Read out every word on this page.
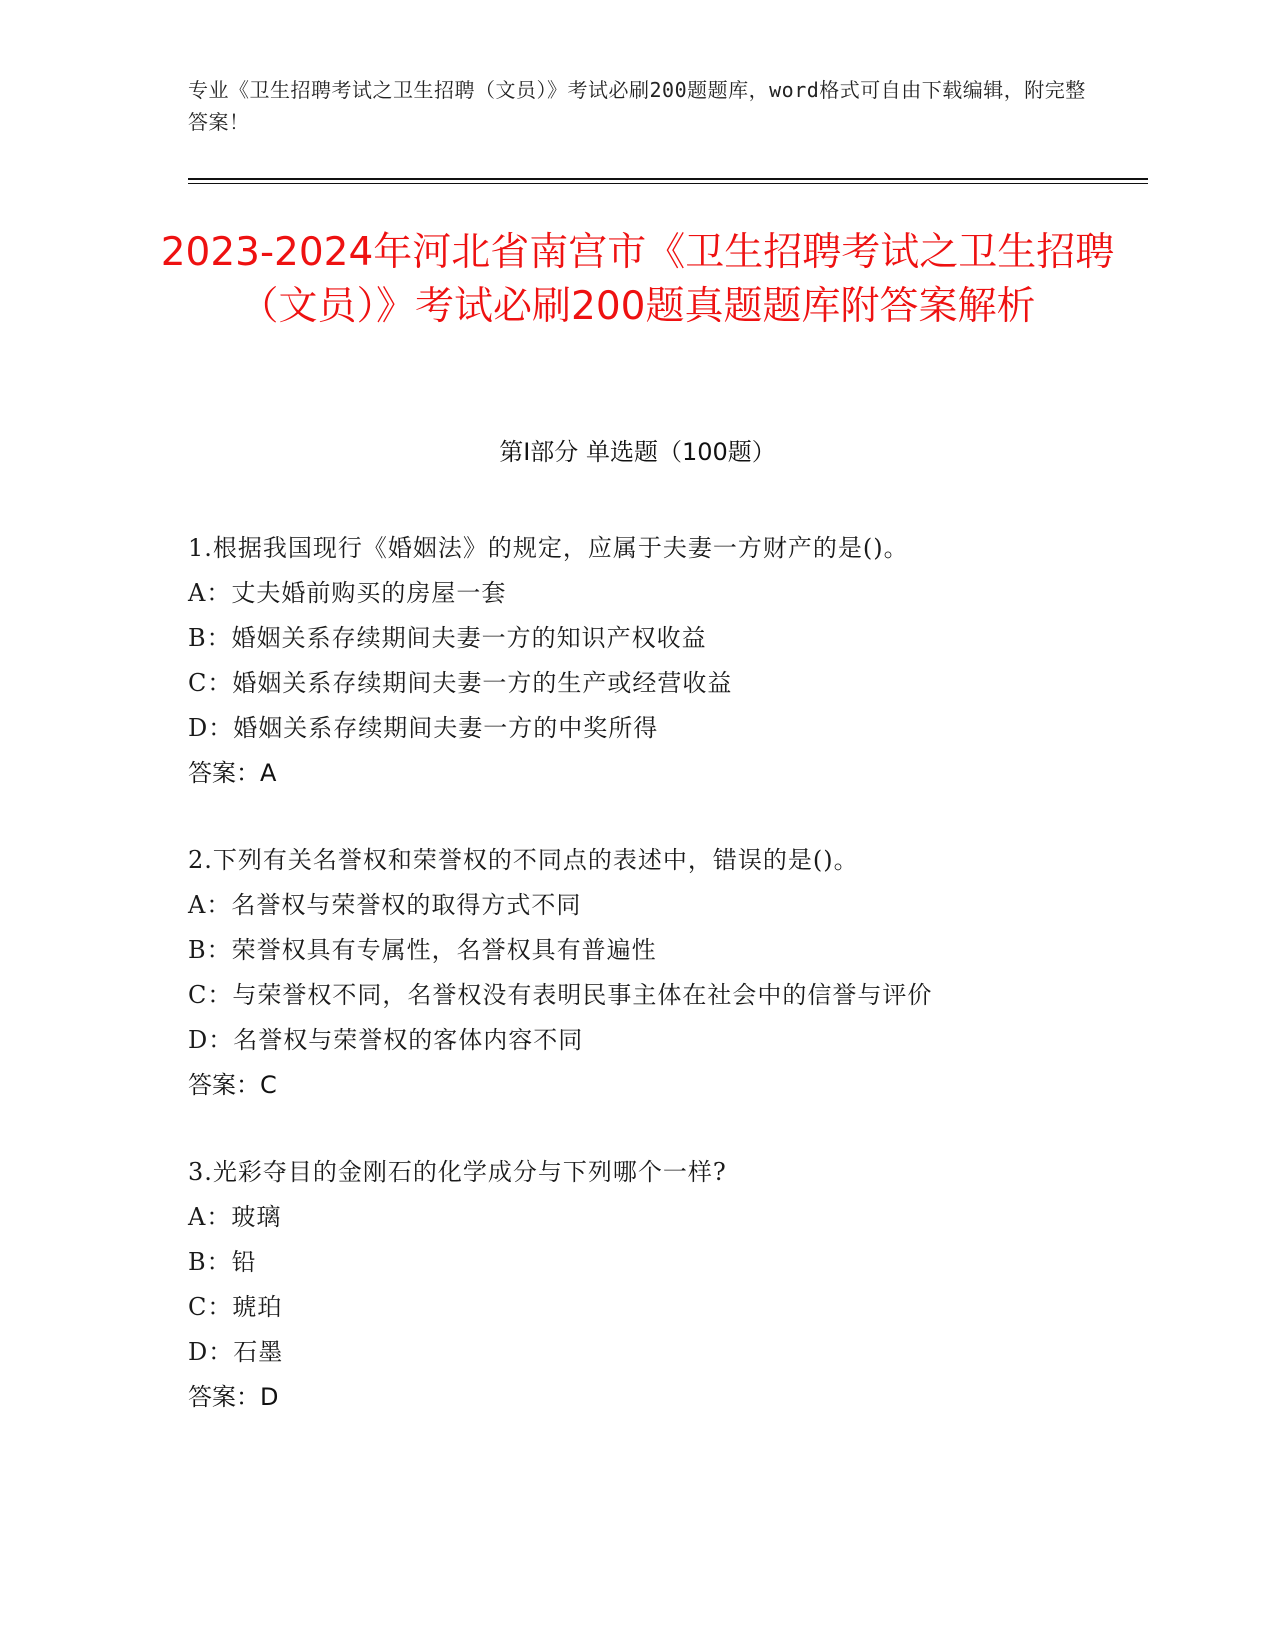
专业《卫生招聘考试之卫生招聘（文员）》考试必刷200题题库，word格式可自由下载编辑，附完整答案！
2023-2024年河北省南宫市《卫生招聘考试之卫生招聘（文员）》考试必刷200题真题题库附答案解析
第Ⅰ部分 单选题（100题）
1.根据我国现行《婚姻法》的规定，应属于夫妻一方财产的是()。
A：丈夫婚前购买的房屋一套
B：婚姻关系存续期间夫妻一方的知识产权收益
C：婚姻关系存续期间夫妻一方的生产或经营收益
D：婚姻关系存续期间夫妻一方的中奖所得
答案：A
2.下列有关名誉权和荣誉权的不同点的表述中，错误的是()。
A：名誉权与荣誉权的取得方式不同
B：荣誉权具有专属性，名誉权具有普遍性
C：与荣誉权不同，名誉权没有表明民事主体在社会中的信誉与评价
D：名誉权与荣誉权的客体内容不同
答案：C
3.光彩夺目的金刚石的化学成分与下列哪个一样?
A：玻璃
B：铅
C：琥珀
D：石墨
答案：D
